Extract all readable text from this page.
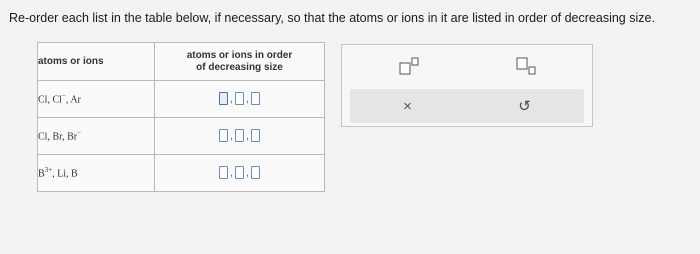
Re-order each list in the table below, if necessary, so that the atoms or ions in it are listed in order of decreasing size.
atoms or ions	atoms or ions in order
of decreasing size
Cl, Cl−, Ar	, ,
Cl, Br, Br−	, ,
$B^{3+}$, Li, B	, ,
×	↺
